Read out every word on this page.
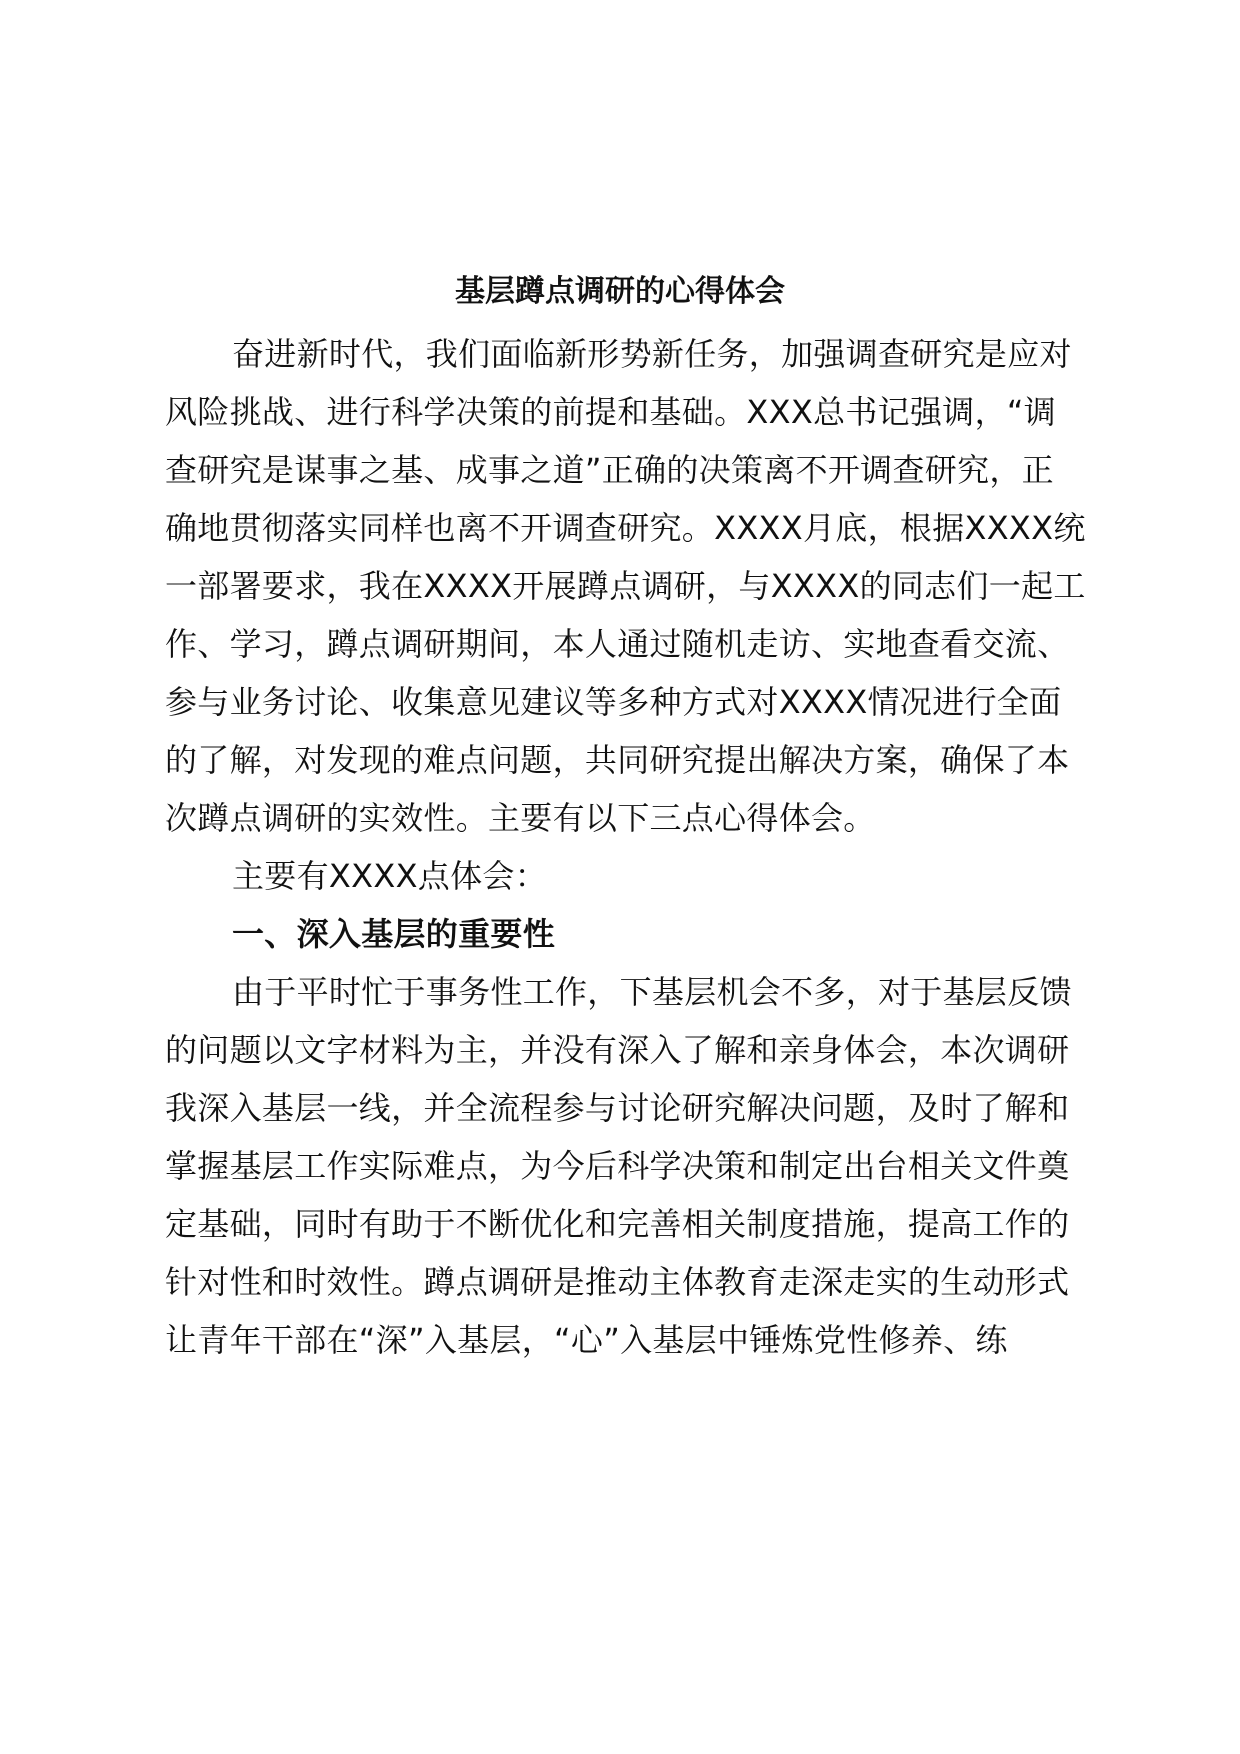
基层蹲点调研的心得体会
奋进新时代，我们面临新形势新任务，加强调查研究是应对
风险挑战、进行科学决策的前提和基础。XXX总书记强调，“调
查研究是谋事之基、成事之道”正确的决策离不开调查研究，正
确地贯彻落实同样也离不开调查研究。XXXX月底，根据XXXX统
一部署要求，我在XXXX开展蹲点调研，与XXXX的同志们一起工
作、学习，蹲点调研期间，本人通过随机走访、实地查看交流、
参与业务讨论、收集意见建议等多种方式对XXXX情况进行全面
的了解，对发现的难点问题，共同研究提出解决方案，确保了本
次蹲点调研的实效性。主要有以下三点心得体会。
主要有XXXX点体会：
一、深入基层的重要性
由于平时忙于事务性工作，下基层机会不多，对于基层反馈
的问题以文字材料为主，并没有深入了解和亲身体会，本次调研
我深入基层一线，并全流程参与讨论研究解决问题，及时了解和
掌握基层工作实际难点，为今后科学决策和制定出台相关文件奠
定基础，同时有助于不断优化和完善相关制度措施，提高工作的
针对性和时效性。蹲点调研是推动主体教育走深走实的生动形式
让青年干部在“深”入基层，“心”入基层中锤炼党性修养、练
